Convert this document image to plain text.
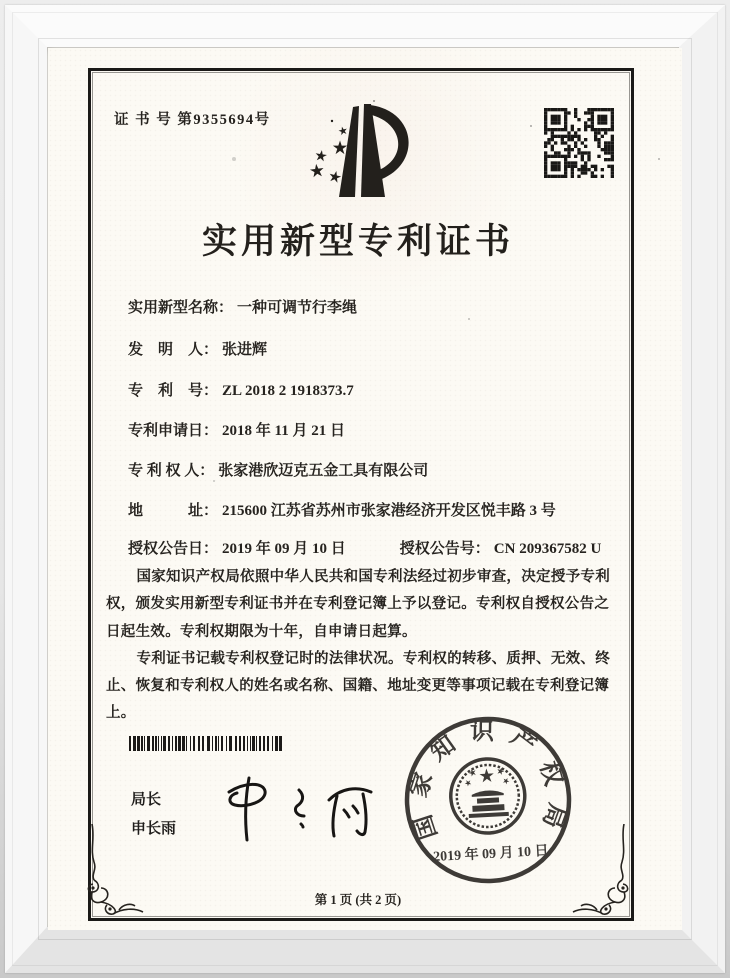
证 书 号 第9355694号
实用新型专利证书
实用新型名称： 一种可调节行李绳
发　明　人： 张进辉
专　利　号： ZL 2018 2 1918373.7
专利申请日： 2018 年 11 月 21 日
专 利 权 人： 张家港欣迈克五金工具有限公司
地　　　址： 215600 江苏省苏州市张家港经济开发区悦丰路 3 号
授权公告日： 2019 年 09 月 10 日	授权公告号： CN 209367582 U

国家知识产权局依照中华人民共和国专利法经过初步审查，决定授予专利权，颁发实用新型专利证书并在专利登记簿上予以登记。专利权自授权公告之日起生效。专利权期限为十年，自申请日起算。

专利证书记载专利权登记时的法律状况。专利权的转移、质押、无效、终止、恢复和专利权人的姓名或名称、国籍、地址变更等事项记载在专利登记簿上。

局长
申长雨	国家知识产权局
2019 年 09 月 10 日
第 1 页 (共 2 页)
